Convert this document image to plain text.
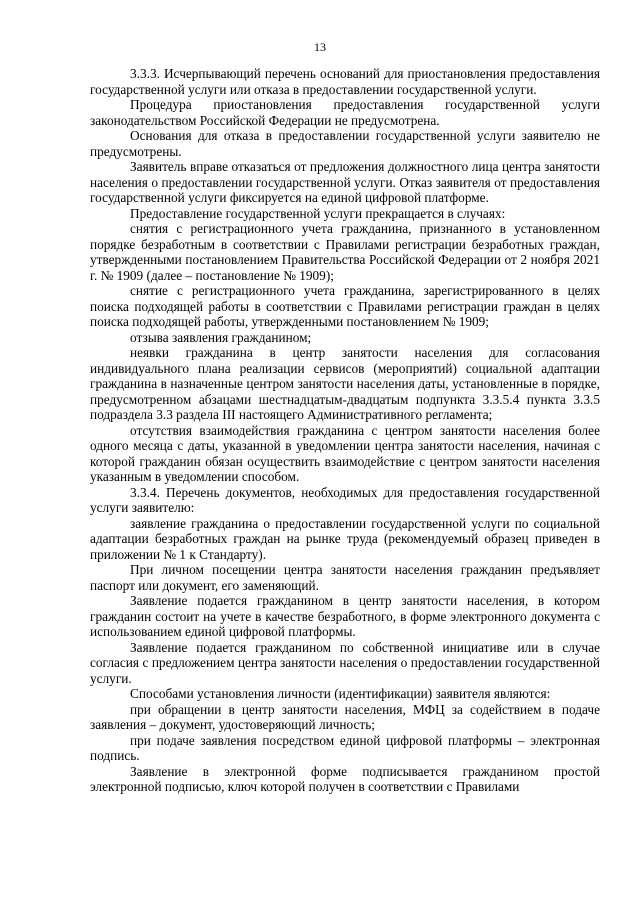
13

3.3.3. Исчерпывающий перечень оснований для приостановления предоставления государственной услуги или отказа в предоставлении государственной услуги.

Процедура приостановления предоставления государственной услуги законодательством Российской Федерации не предусмотрена.

Основания для отказа в предоставлении государственной услуги заявителю не предусмотрены.

Заявитель вправе отказаться от предложения должностного лица центра занятости населения о предоставлении государственной услуги. Отказ заявителя от предоставления государственной услуги фиксируется на единой цифровой платформе.

Предоставление государственной услуги прекращается в случаях:

снятия с регистрационного учета гражданина, признанного в установленном порядке безработным в соответствии с Правилами регистрации безработных граждан, утвержденными постановлением Правительства Российской Федерации от 2 ноября 2021 г. № 1909 (далее – постановление № 1909);

снятие с регистрационного учета гражданина, зарегистрированного в целях поиска подходящей работы в соответствии с Правилами регистрации граждан в целях поиска подходящей работы, утвержденными постановлением № 1909;

отзыва заявления гражданином;

неявки гражданина в центр занятости населения для согласования индивидуального плана реализации сервисов (мероприятий) социальной адаптации гражданина в назначенные центром занятости населения даты, установленные в порядке, предусмотренном абзацами шестнадцатым-двадцатым подпункта 3.3.5.4 пункта 3.3.5 подраздела 3.3 раздела III настоящего Административного регламента;

отсутствия взаимодействия гражданина с центром занятости населения более одного месяца с даты, указанной в уведомлении центра занятости населения, начиная с которой гражданин обязан осуществить взаимодействие с центром занятости населения указанным в уведомлении способом.

3.3.4. Перечень документов, необходимых для предоставления государственной услуги заявителю:

заявление гражданина о предоставлении государственной услуги по социальной адаптации безработных граждан на рынке труда (рекомендуемый образец приведен в приложении № 1 к Стандарту).

При личном посещении центра занятости населения гражданин предъявляет паспорт или документ, его заменяющий.

Заявление подается гражданином в центр занятости населения, в котором гражданин состоит на учете в качестве безработного, в форме электронного документа с использованием единой цифровой платформы.

Заявление подается гражданином по собственной инициативе или в случае согласия с предложением центра занятости населения о предоставлении государственной услуги.

Способами установления личности (идентификации) заявителя являются:

при обращении в центр занятости населения, МФЦ за содействием в подаче заявления – документ, удостоверяющий личность;

при подаче заявления посредством единой цифровой платформы – электронная подпись.

Заявление в электронной форме подписывается гражданином простой электронной подписью, ключ которой получен в соответствии с Правилами
